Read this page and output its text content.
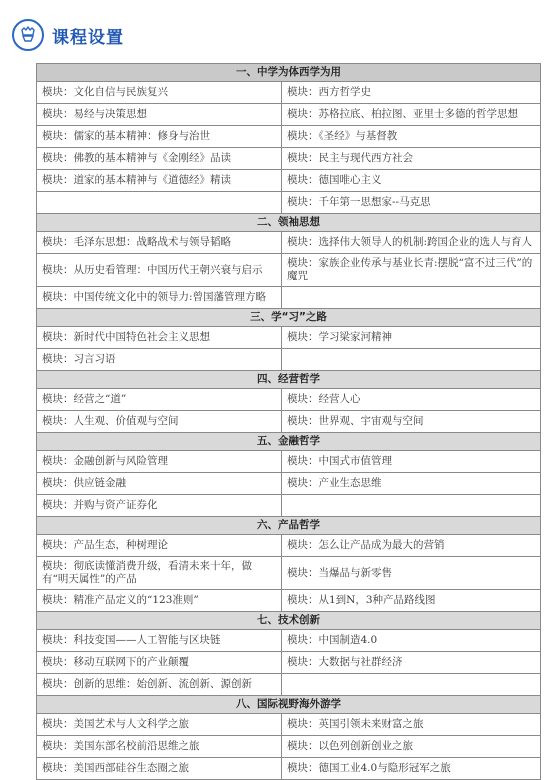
课程设置
一、中学为体西学为用	
模块：文化自信与民族复兴	模块：西方哲学史
模块：易经与决策思想	模块：苏格拉底、柏拉图、亚里士多德的哲学思想
模块：儒家的基本精神：修身与治世	模块：《圣经》与基督教
模块：佛教的基本精神与《金刚经》品读	模块：民主与现代西方社会
模块：道家的基本精神与《道德经》精读	模块：德国唯心主义
	模块：千年第一思想家--马克思
二、领袖思想	
模块：毛泽东思想：战略战术与领导韬略	模块：选择伟大领导人的机制:跨国企业的选人与育人
模块：从历史看管理：中国历代王朝兴衰与启示	模块：家族企业传承与基业长青:摆脱“富不过三代”的魔咒
模块：中国传统文化中的领导力:曾国藩管理方略	
三、学“习”之路	
模块：新时代中国特色社会主义思想	模块：学习梁家河精神
模块：习言习语	
四、经营哲学	
模块：经营之“道”	模块：经营人心
模块：人生观、价值观与空间	模块：世界观、宇宙观与空间
五、金融哲学	
模块：金融创新与风险管理	模块：中国式市值管理
模块：供应链金融	模块：产业生态思维
模块：并购与资产证券化	
六、产品哲学	
模块：产品生态，种树理论	模块：怎么让产品成为最大的营销
模块：彻底读懂消费升级，看清未来十年，做有“明天属性”的产品	模块：当爆品与新零售
模块：精准产品定义的“123准则”	模块：从1到N，3种产品路线图
七、技术创新	
模块：科技变国——人工智能与区块链	模块：中国制造4.0
模块：移动互联网下的产业颠覆	模块：大数据与社群经济
模块：创新的思维：始创新、流创新、源创新	
八、国际视野海外游学	
模块：美国艺术与人文科学之旅	模块：英国引领未来财富之旅
模块：美国东部名校前沿思维之旅	模块：以色列创新创业之旅
模块：美国西部硅谷生态圈之旅	模块：德国工业4.0与隐形冠军之旅
